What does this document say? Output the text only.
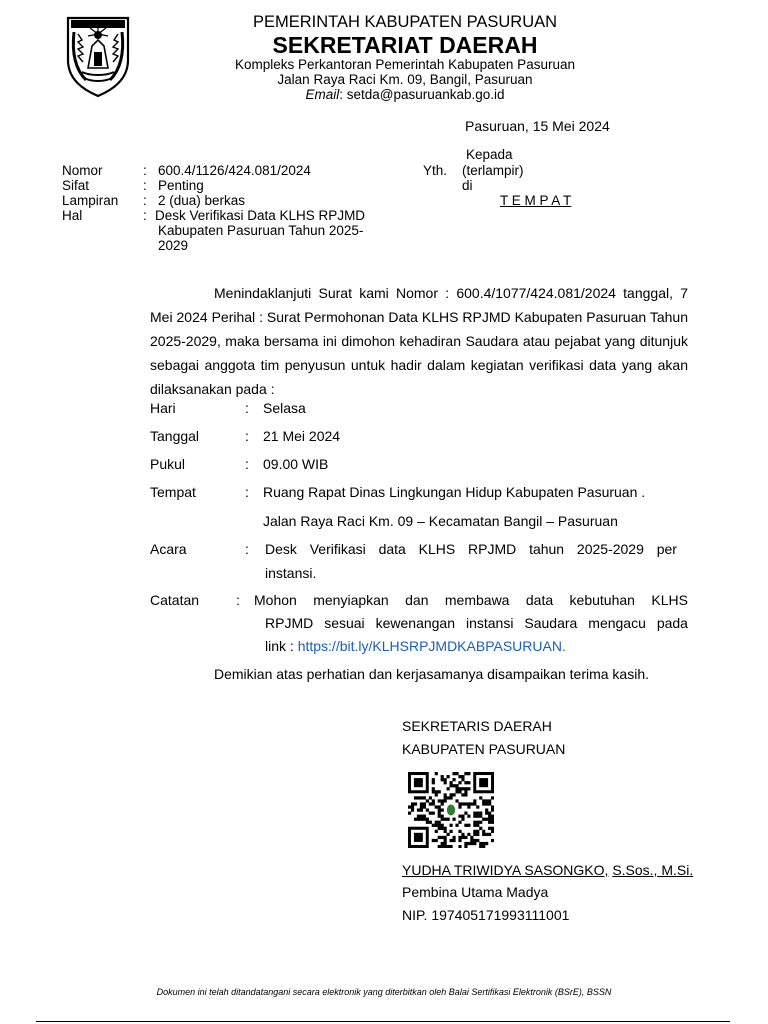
PEMERINTAH KABUPATEN PASURUAN
SEKRETARIAT DAERAH
Kompleks Perkantoran Pemerintah Kabupaten Pasuruan
Jalan Raya Raci Km. 09, Bangil, Pasuruan
Email: setda@pasuruankab.go.id
Pasuruan, 15 Mei 2024
Nomor	: 600.4/1126/424.081/2024
Sifat	: Penting
Lampiran : 2 (dua) berkas
Hal	: Desk Verifikasi Data KLHS RPJMD
Kabupaten Pasuruan Tahun 2025-
2029
Kepada
Yth. (terlampir)
di
T E M P A T
Menindaklanjuti Surat kami Nomor : 600.4/1077/424.081/2024 tanggal, 7 Mei 2024 Perihal : Surat Permohonan Data KLHS RPJMD Kabupaten Pasuruan Tahun 2025-2029, maka bersama ini dimohon kehadiran Saudara atau pejabat yang ditunjuk sebagai anggota tim penyusun untuk hadir dalam kegiatan verifikasi data yang akan dilaksanakan pada :
Hari	: Selasa
Tanggal	: 21 Mei 2024
Pukul	: 09.00 WIB
Tempat	: Ruang Rapat Dinas Lingkungan Hidup Kabupaten Pasuruan .
Jalan Raya Raci Km. 09 – Kecamatan Bangil – Pasuruan
Acara	: Desk Verifikasi data KLHS RPJMD tahun 2025-2029 per
instansi.
Catatan	: Mohon menyiapkan dan membawa data kebutuhan KLHS
RPJMD sesuai kewenangan instansi Saudara mengacu pada
link : https://bit.ly/KLHSRPJMDKABPASURUAN.
Demikian atas perhatian dan kerjasamanya disampaikan terima kasih.
SEKRETARIS DAERAH
KABUPATEN PASURUAN
YUDHA TRIWIDYA SASONGKO, S.Sos., M.Si.
Pembina Utama Madya
NIP. 197405171993111001
Dokumen ini telah ditandatangani secara elektronik yang diterbitkan oleh Balai Sertifikasi Elektronik (BSrE), BSSN
